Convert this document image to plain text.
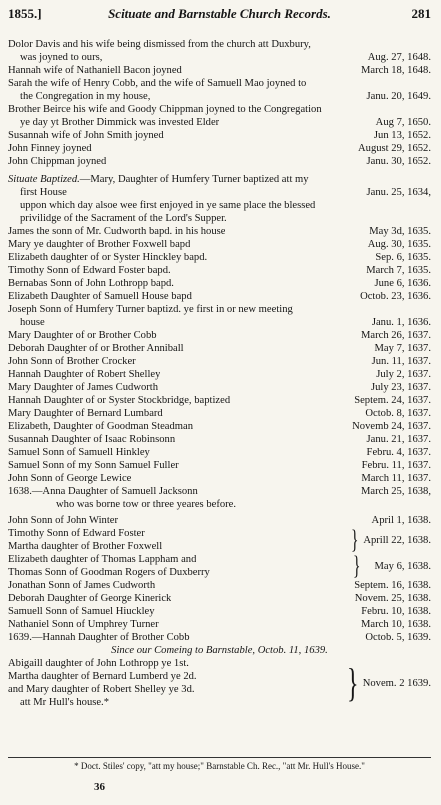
1855.]	Scituate and Barnstable Church Records.	281
Dolor Davis and his wife being dismissed from the church att Duxbury,
was joyned to ours,	Aug. 27, 1648.
Hannah wife of Nathaniell Bacon joyned	March 18, 1648.
Sarah the wife of Henry Cobb, and the wife of Samuell Mao joyned to
the Congregation in my house,	Janu. 20, 1649.
Brother Beirce his wife and Goody Chippman joyned to the Congregation
ye day yt Brother Dimmick was invested Elder	Aug 7, 1650.
Susannah wife of John Smith joyned	Jun 13, 1652.
John Finney joyned	August 29, 1652.
John Chippman joyned	Janu. 30, 1652.
Situate Baptized.—Mary, Daughter of Humfery Turner baptized att my
first House	Janu. 25, 1634,
uppon which day alsoe wee first enjoyed in ye same place the blessed
privilidge of the Sacrament of the Lord's Supper.
James the sonn of Mr. Cudworth bapd. in his house	May 3d, 1635.
Mary ye daughter of Brother Foxwell bapd	Aug. 30, 1635.
Elizabeth daughter of or Syster Hinckley bapd.	Sep. 6, 1635.
Timothy Sonn of Edward Foster bapd.	March 7, 1635.
Bernabas Sonn of John Lothropp bapd.	June 6, 1636.
Elizabeth Daughter of Samuell House bapd	Octob. 23, 1636.
Joseph Sonn of Humfery Turner baptizd. ye first in or new meeting
house	Janu. 1, 1636.
Mary Daughter of or Brother Cobb	March 26, 1637.
Deborah Daughter of or Brother Anniball	May 7, 1637.
John Sonn of Brother Crocker	Jun. 11, 1637.
Hannah Daughter of Robert Shelley	July 2, 1637.
Mary Daughter of James Cudworth	July 23, 1637.
Hannah Daughter of or Syster Stockbridge, baptized	Septem. 24, 1637.
Mary Daughter of Bernard Lumbard	Octob. 8, 1637.
Elizabeth, Daughter of Goodman Steadman	Novemb 24, 1637.
Susannah Daughter of Isaac Robinsonn	Janu. 21, 1637.
Samuel Sonn of Samuell Hinkley	Febru. 4, 1637.
Samuel Sonn of my Sonn Samuel Fuller	Febru. 11, 1637.
John Sonn of George Lewice	March 11, 1637.
1638.—Anna Daughter of Samuell Jacksonn	March 25, 1638,
who was borne tow or three yeares before.
John Sonn of John Winter	April 1, 1638.
Timothy Sonn of Edward Foster
Martha daughter of Brother Foxwell	} Aprill 22, 1638.
Elizabeth daughter of Thomas Lappham and
Thomas Sonn of Goodman Rogers of Duxberry	}	May 6, 1638.
Jonathan Sonn of James Cudworth	Septem. 16, 1638.
Deborah Daughter of George Kinerick	Novem. 25, 1638.
Samuell Sonn of Samuel Hiuckley	Febru. 10, 1638.
Nathaniel Sonn of Umphrey Turner	March 10, 1638.
1639.—Hannah Daughter of Brother Cobb	Octob. 5, 1639.
Since our Comeing to Barnstable, Octob. 11, 1639.
Abigaill daughter of John Lothropp ye 1st.
Martha daughter of Bernard Lumberd ye 2d.
and Mary daughter of Robert Shelley ye 3d.
att Mr Hull's house.*	} Novem. 2 1639.
* Doct. Stiles' copy, "att my house;" Barnstable Ch. Rec., "att Mr. Hull's House."
36
